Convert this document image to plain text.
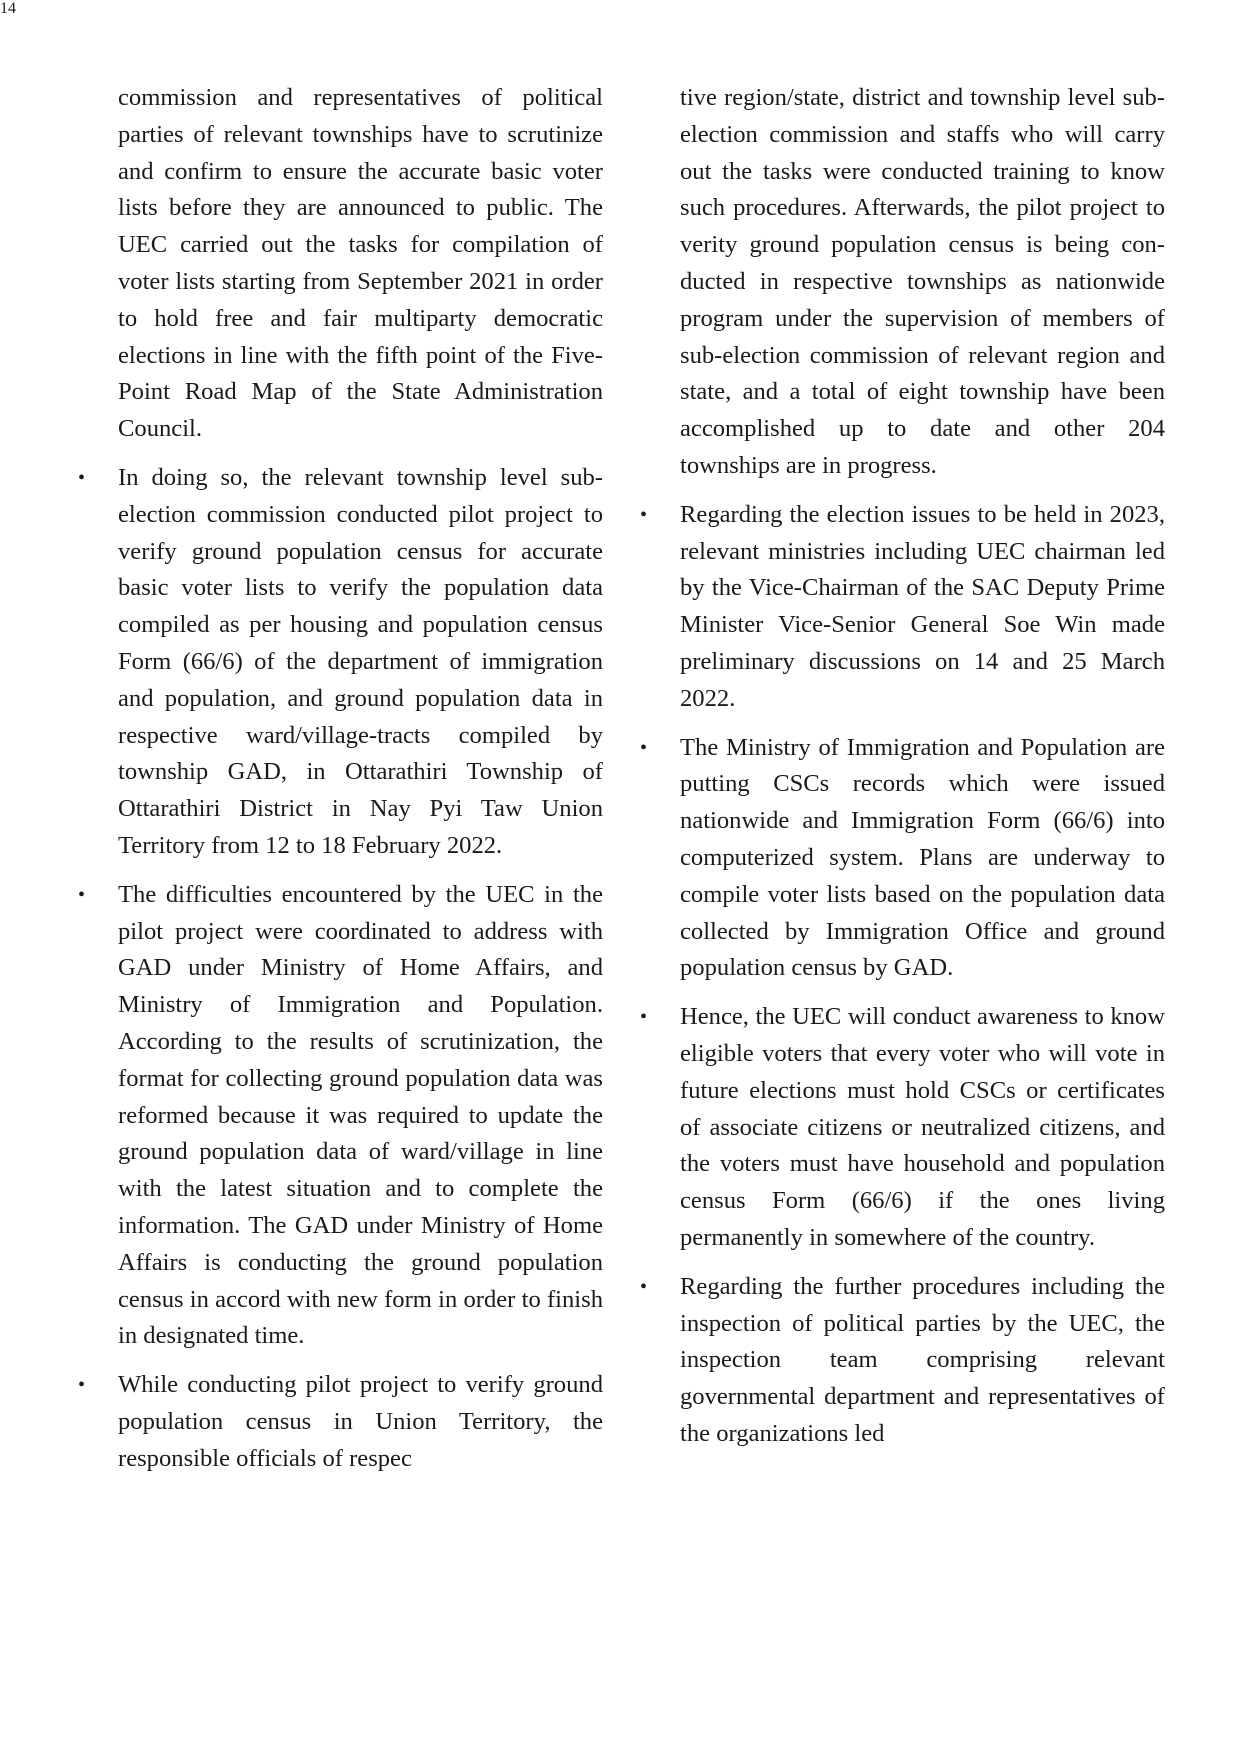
14

commission and representatives of political parties of relevant townships have to scrutinize and confirm to ensure the accurate basic voter lists before they are announced to public. The UEC carried out the tasks for compilation of voter lists starting from September 2021 in order to hold free and fair multiparty democratic elections in line with the fifth point of the Five-Point Road Map of the State Administration Council.

• In doing so, the relevant township level sub-election commission conducted pilot project to verify ground population census for accurate basic voter lists to verify the population data compiled as per housing and population census Form (66/6) of the department of immigration and population, and ground population data in respective ward/village-tracts compiled by township GAD, in Ottarathiri Township of Ottarathiri District in Nay Pyi Taw Union Territory from 12 to 18 February 2022.

• The difficulties encountered by the UEC in the pilot project were coordinated to address with GAD under Ministry of Home Affairs, and Ministry of Immigration and Population. According to the results of scrutinization, the format for collecting ground population data was reformed because it was required to update the ground population data of ward/​village in line with the latest situation and to complete the information. The GAD under Ministry of Home Affairs is conducting the ground population census in accord with new form in order to finish in designated time.

• While conducting pilot project to verify ground population census in Union Territory, the responsible officials of respec

tive region/state, district and township level sub-election commission and staffs who will carry out the tasks were conducted training to know such procedures. Afterwards, the pilot project to verity ground population census is being conducted in respective townships as nationwide program under the supervision of members of sub-election commission of relevant region and state, and a total of eight township have been accomplished up to date and other 204 townships are in progress.

• Regarding the election issues to be held in 2023, relevant ministries including UEC chairman led by the Vice-Chairman of the SAC Deputy Prime Minister Vice-Senior General Soe Win made preliminary discussions on 14 and 25 March 2022.

• The Ministry of Immigration and Population are putting CSCs records which were issued nationwide and Immigration Form (66/6) into computerized system. Plans are underway to compile voter lists based on the population data collected by Immigration Office and ground population census by GAD.

• Hence, the UEC will conduct awareness to know eligible voters that every voter who will vote in future elections must hold CSCs or certificates of associate citizens or neutralized citizens, and the voters must have household and population census Form (66/6) if the ones living permanently in somewhere of the country.

• Regarding the further procedures including the inspection of political parties by the UEC, the inspection team comprising relevant governmental department and representatives of the organizations led
